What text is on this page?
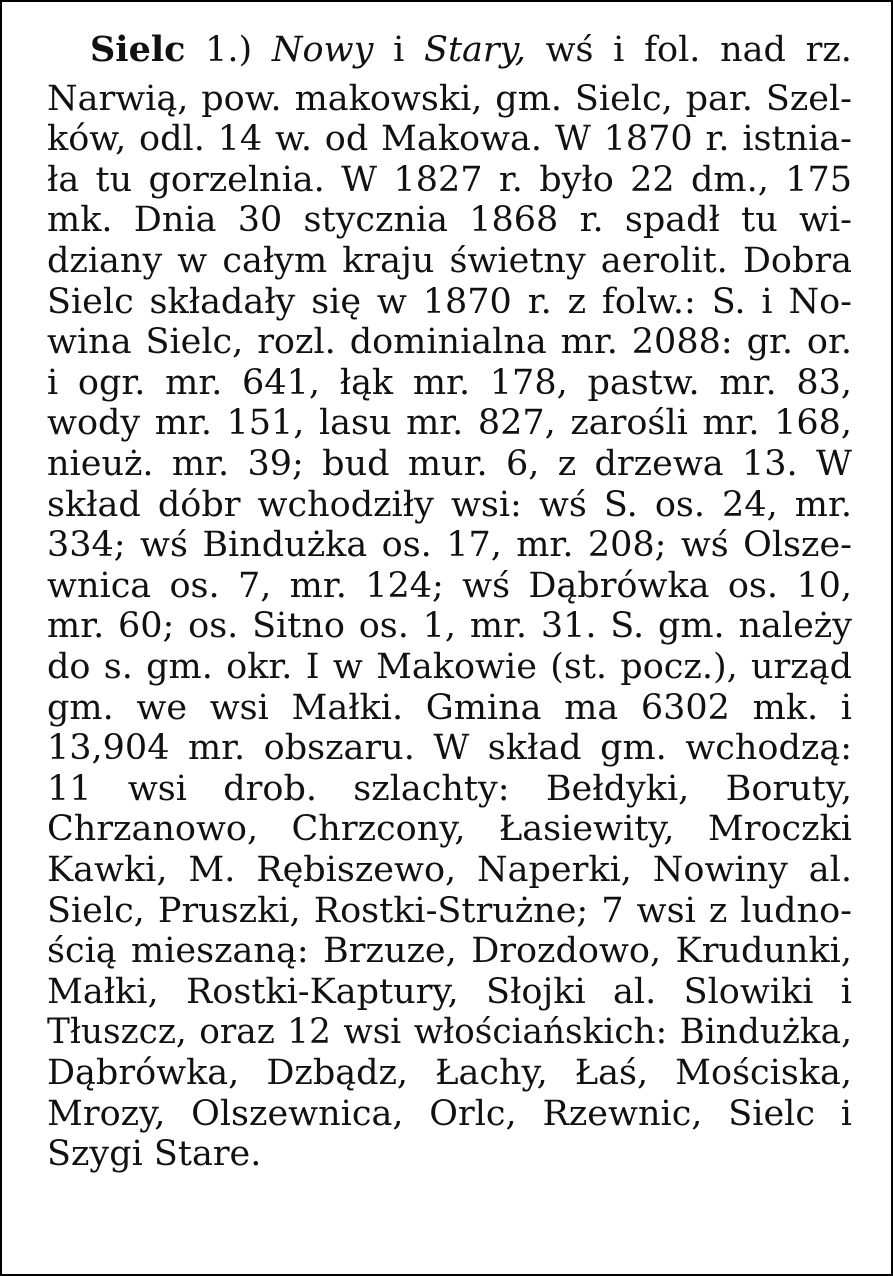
Sielc 1.) Nowy i Stary, wś i fol. nad rz.
Narwią, pow. makowski, gm. Sielc, par. Szel-
ków, odl. 14 w. od Makowa. W 1870 r. istnia-
ła tu gorzelnia. W 1827 r. było 22 dm., 175
mk. Dnia 30 stycznia 1868 r. spadł tu wi-
dziany w całym kraju świetny aerolit. Dobra
Sielc składały się w 1870 r. z folw.: S. i No-
wina Sielc, rozl. dominialna mr. 2088: gr. or.
i ogr. mr. 641, łąk mr. 178, pastw. mr. 83,
wody mr. 151, lasu mr. 827, zarośli mr. 168,
nieuż. mr. 39; bud mur. 6, z drzewa 13. W
skład dóbr wchodziły wsi: wś S. os. 24, mr.
334; wś Bindużka os. 17, mr. 208; wś Olsze-
wnica os. 7, mr. 124; wś Dąbrówka os. 10,
mr. 60; os. Sitno os. 1, mr. 31. S. gm. należy
do s. gm. okr. I w Makowie (st. pocz.), urząd
gm. we wsi Małki. Gmina ma 6302 mk. i
13,904 mr. obszaru. W skład gm. wchodzą:
11 wsi drob. szlachty: Bełdyki, Boruty,
Chrzanowo, Chrzcony, Łasiewity, Mroczki
Kawki, M. Rębiszewo, Naperki, Nowiny al.
Sielc, Pruszki, Rostki-Strużne; 7 wsi z ludno-
ścią mieszaną: Brzuze, Drozdowo, Krudunki,
Małki, Rostki-Kaptury, Słojki al. Slowiki i
Tłuszcz, oraz 12 wsi włościańskich: Bindużka,
Dąbrówka, Dzbądz, Łachy, Łaś, Mościska,
Mrozy, Olszewnica, Orlc, Rzewnic, Sielc i
Szygi Stare.
